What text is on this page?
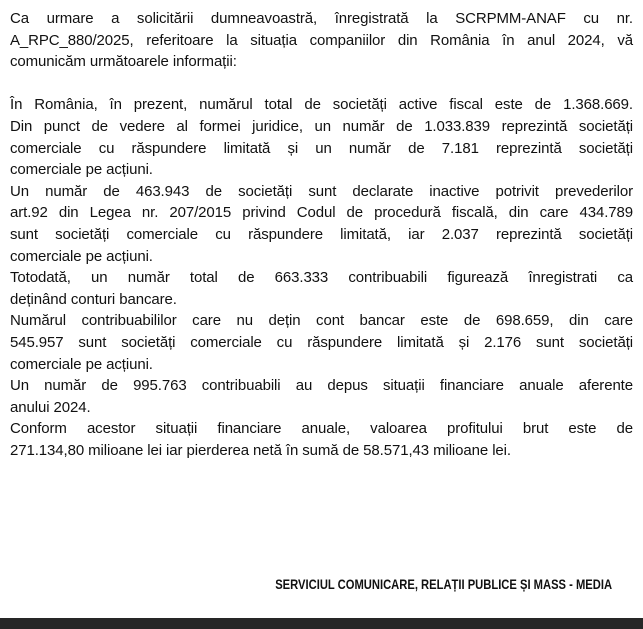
Ca urmare a solicitării dumneavoastră, înregistrată la SCRPMM-ANAF cu nr.
A_RPC_880/2025, referitoare la situația companiilor din România în anul 2024, vă
comunicăm următoarele informații:
În România, în prezent, numărul total de societăți active fiscal este de 1.368.669.
Din punct de vedere al formei juridice, un număr de 1.033.839 reprezintă societăți
comerciale cu răspundere limitată și un număr de 7.181 reprezintă societăți
comerciale pe acțiuni.
Un număr de 463.943 de societăți sunt declarate inactive potrivit prevederilor
art.92 din Legea nr. 207/2015 privind Codul de procedură fiscală, din care 434.789
sunt societăți comerciale cu răspundere limitată, iar 2.037 reprezintă societăți
comerciale pe acțiuni.
Totodată, un număr total de 663.333 contribuabili figurează înregistrati ca
deținând conturi bancare.
Numărul contribuabililor care nu dețin cont bancar este de 698.659, din care
545.957 sunt societăți comerciale cu răspundere limitată și 2.176 sunt societăți
comerciale pe acțiuni.
Un număr de 995.763 contribuabili au depus situații financiare anuale aferente
anului 2024.
Conform acestor situații financiare anuale, valoarea profitului brut este de
271.134,80 milioane lei iar pierderea netă în sumă de 58.571,43 milioane lei.
SERVICIUL COMUNICARE, RELAȚII PUBLICE ȘI MASS - MEDIA
